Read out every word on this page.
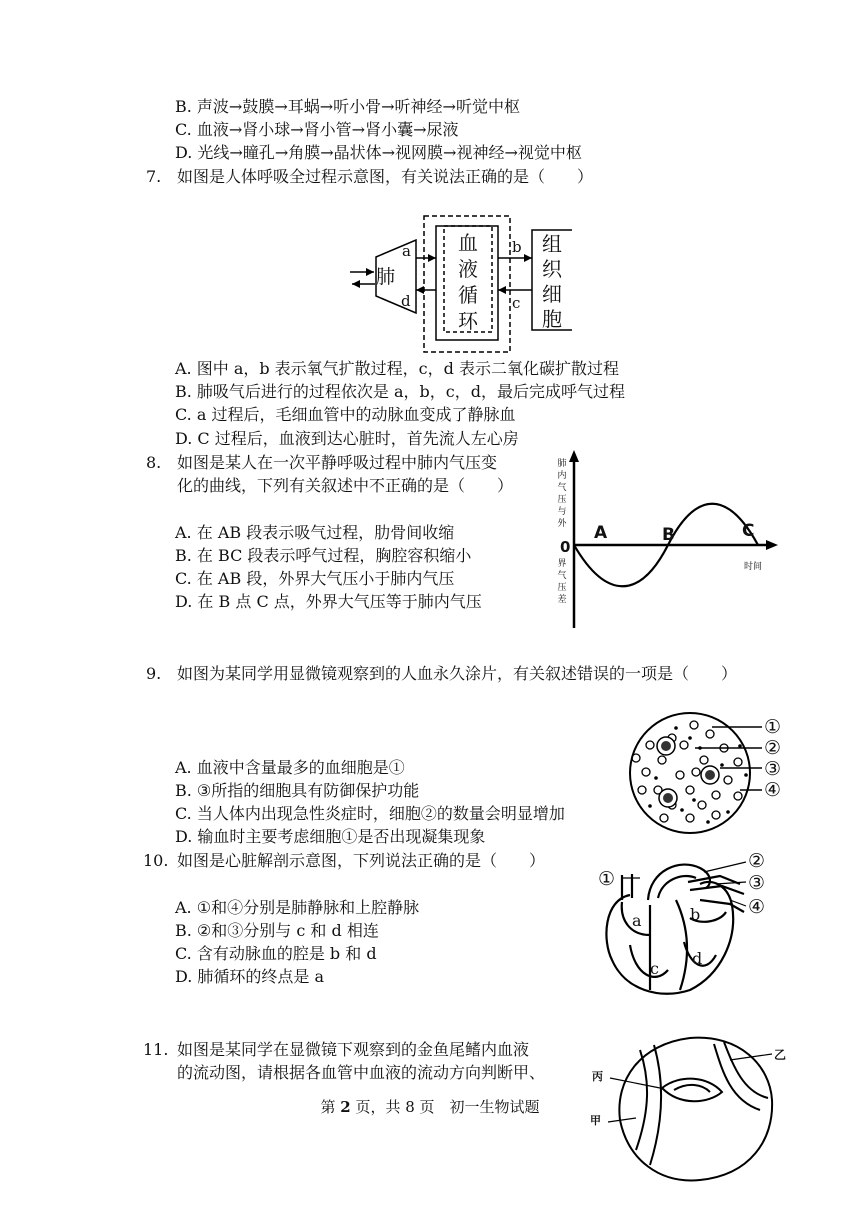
B. 声波→鼓膜→耳蜗→听小骨→听神经→听觉中枢
C. 血液→肾小球→肾小管→肾小囊→尿液
D. 光线→瞳孔→角膜→晶状体→视网膜→视神经→视觉中枢
7. 如图是人体呼吸全过程示意图，有关说法正确的是（　　）
肺
a
d
b
c
血
液
循
环
组
织
细
胞
A. 图中 a，b 表示氧气扩散过程，c，d 表示二氧化碳扩散过程
B. 肺吸气后进行的过程依次是 a，b，c，d，最后完成呼气过程
C. a 过程后，毛细血管中的动脉血变成了静脉血
D. C 过程后，血液到达心脏时，首先流人左心房
8. 如图是某人在一次平静呼吸过程中肺内气压变
化的曲线，下列有关叙述中不正确的是（　　）
A. 在 AB 段表示吸气过程，肋骨间收缩
B. 在 BC 段表示呼气过程，胸腔容积缩小
C. 在 AB 段，外界大气压小于肺内气压
D. 在 B 点 C 点，外界大气压等于肺内气压
肺
内
气
压
与
外
界
气
压
差
0
A	B	C
时间
9. 如图为某同学用显微镜观察到的人血永久涂片，有关叙述错误的一项是（　　）
A. 血液中含量最多的血细胞是①
B. ③所指的细胞具有防御保护功能
C. 当人体内出现急性炎症时，细胞②的数量会明显增加
D. 输血时主要考虑细胞①是否出现凝集现象
①
②
③
④
10. 如图是心脏解剖示意图，下列说法正确的是（　　）
A. ①和④分别是肺静脉和上腔静脉
B. ②和③分别与 c 和 d 相连
C. 含有动脉血的腔是 b 和 d
D. 肺循环的终点是 a
①
②
③
④
a	b
c
d
11. 如图是某同学在显微镜下观察到的金鱼尾鳍内血液
的流动图，请根据各血管中血液的流动方向判断甲、	丙
乙
甲
第 2 页，共 8 页　初一生物试题
